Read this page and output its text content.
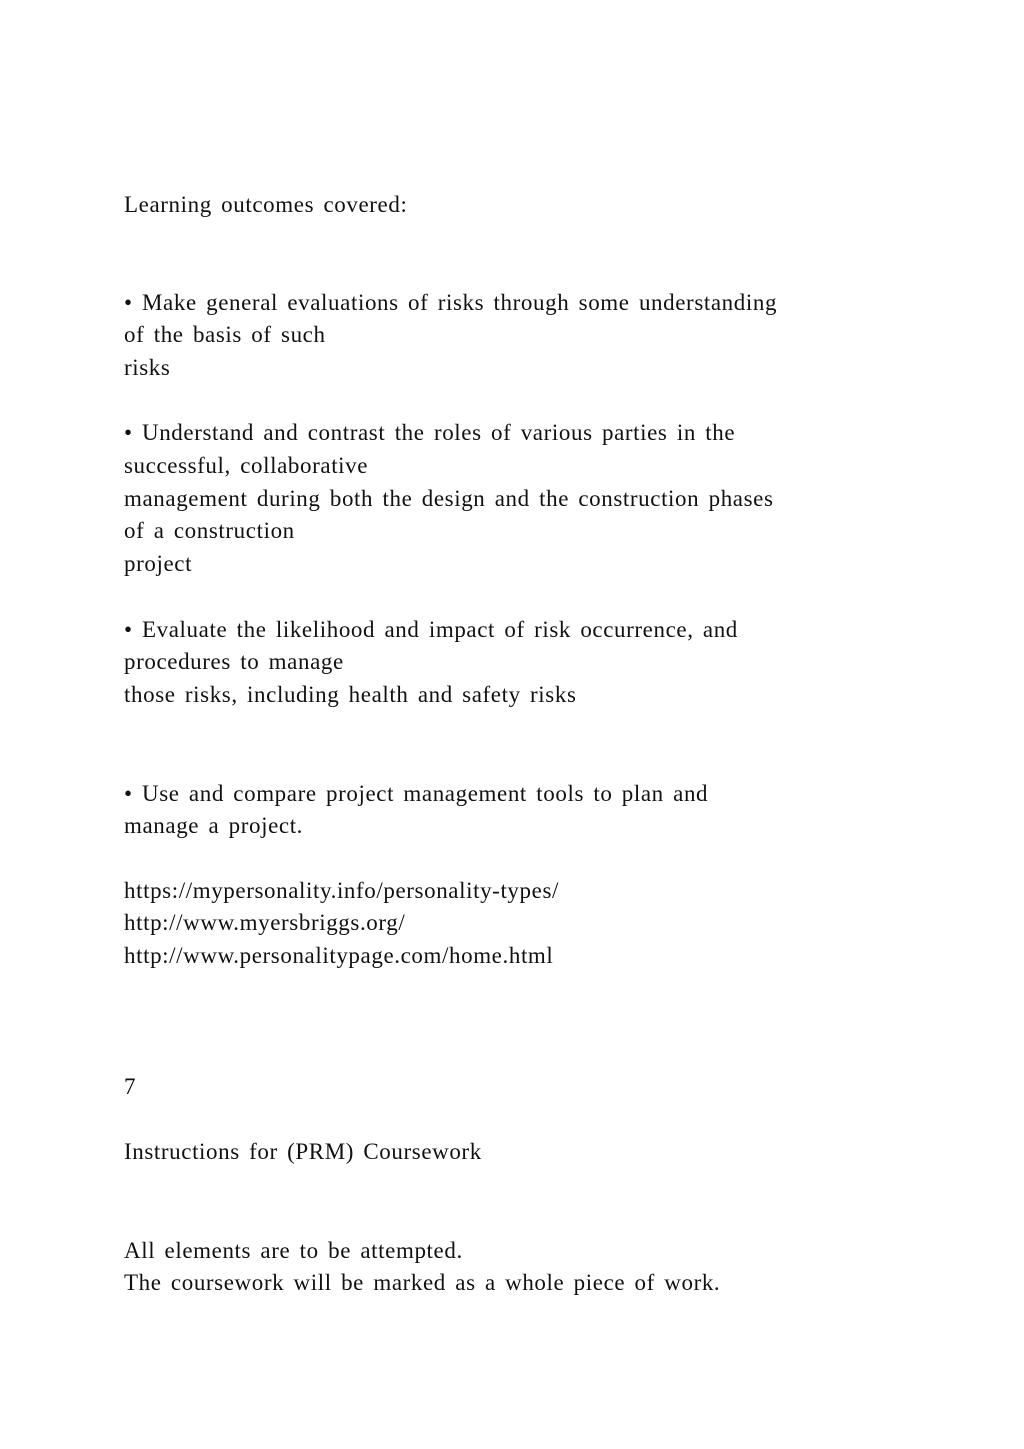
Learning outcomes covered:
• Make general evaluations of risks through some understanding
of the basis of such
risks
• Understand and contrast the roles of various parties in the
successful, collaborative
management during both the design and the construction phases
of a construction
project
• Evaluate the likelihood and impact of risk occurrence, and
procedures to manage
those risks, including health and safety risks
• Use and compare project management tools to plan and
manage a project.
https://mypersonality.info/personality-types/
http://www.myersbriggs.org/
http://www.personalitypage.com/home.html
7
Instructions for (PRM) Coursework
All elements are to be attempted.
The coursework will be marked as a whole piece of work.
